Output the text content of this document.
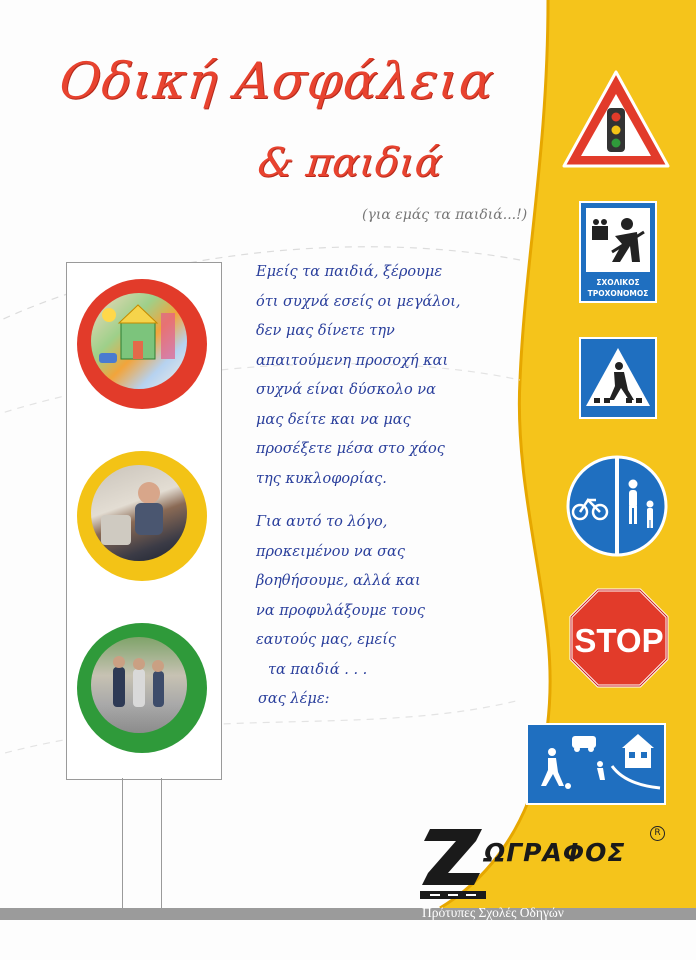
Οδική Ασφάλεια
& παιδιά
(για εμάς τα παιδιά...!)
Εμείς τα παιδιά, ξέρουμε
ότι συχνά εσείς οι μεγάλοι,
δεν μας δίνετε την
απαιτούμενη προσοχή και
συχνά είναι δύσκολο να
μας δείτε και να μας
προσέξετε μέσα στο χάος
της κυκλοφορίας.
Για αυτό το λόγο,
προκειμένου να σας
βοηθήσουμε, αλλά και
να προφυλάξουμε τους
εαυτούς μας, εμείς
τα παιδιά . . .
σας λέμε:
ΣΧΟΛΙΚΟΣ
ΤΡΟΧΟΝΟΜΟΣ
STOP
ΩΓΡΑΦΟΣ
R
Πρότυπες Σχολές Οδηγών
